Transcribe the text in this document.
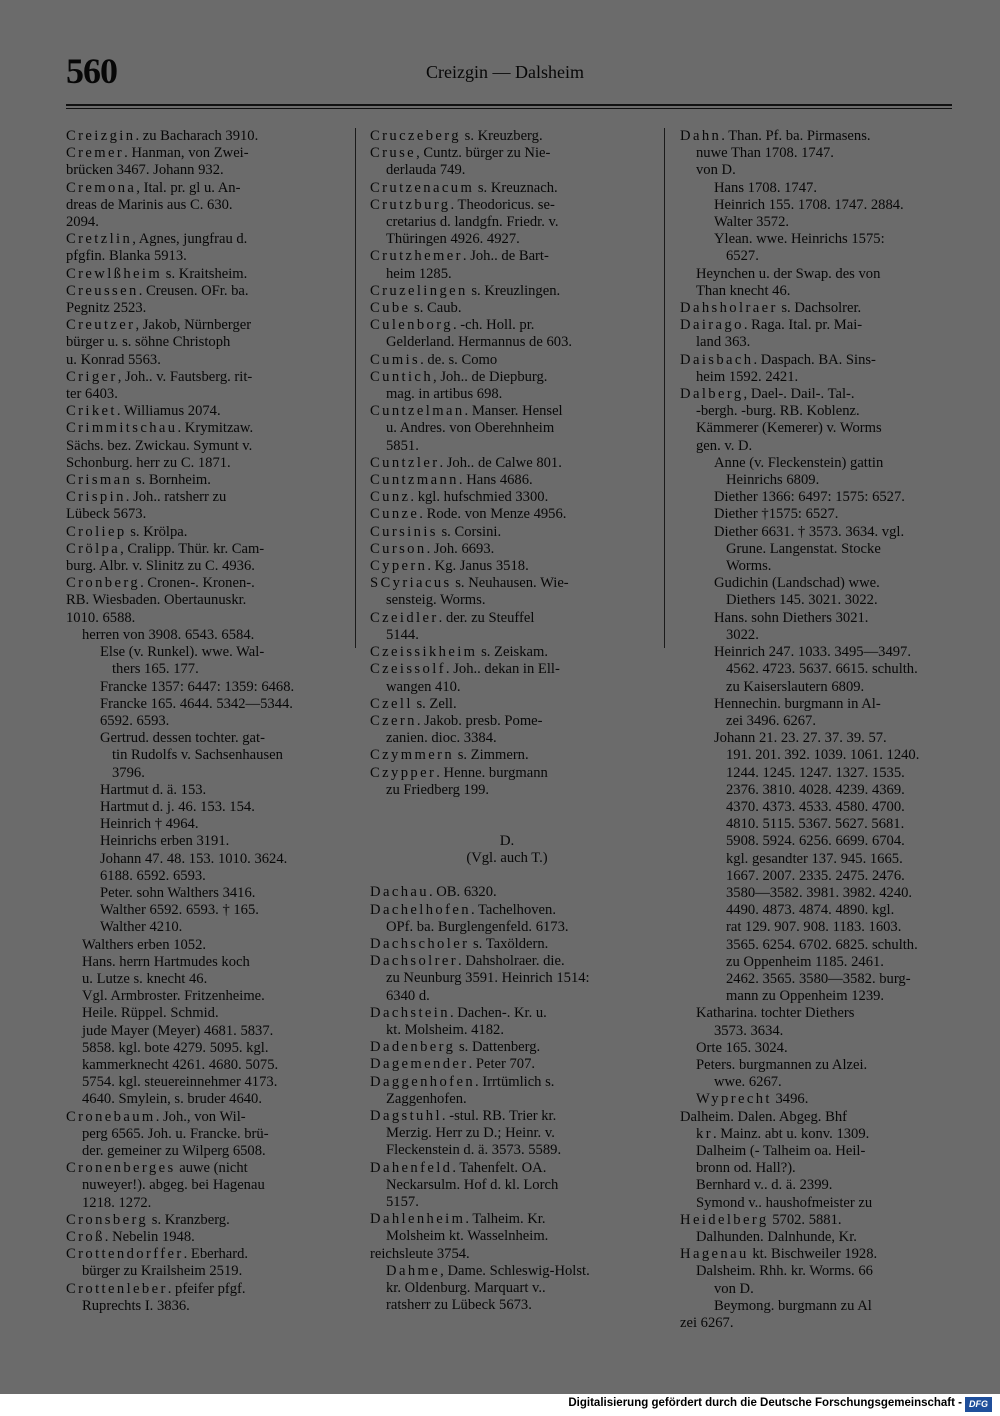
560	Creizgin — Dalsheim
Creizgin. zu Bacharach 3910.
Cremer. Hanman, von Zwei-
brücken 3467. Johann 932.
Cremona, Ital. pr. gl u. An-
dreas de Marinis aus C. 630.
2094.
Cretzlin, Agnes, jungfrau d.
pfgfin. Blanka 5913.
Crewlßheim s. Kraitsheim.
Creussen. Creusen. OFr. ba.
Pegnitz 2523.
Creutzer, Jakob, Nürnberger
bürger u. s. söhne Christoph
u. Konrad 5563.
Criger, Joh.. v. Fautsberg. rit-
ter 6403.
Criket. Williamus 2074.
Crimmitschau. Krymitzaw.
Sächs. bez. Zwickau. Symunt v.
Schonburg. herr zu C. 1871.
Crisman s. Bornheim.
Crispin. Joh.. ratsherr zu
Lübeck 5673.
Croliep s. Krölpa.
Crölpa, Cralipp. Thür. kr. Cam-
burg. Albr. v. Slinitz zu C. 4936.
Cronberg. Cronen-. Kronen-.
RB. Wiesbaden. Obertaunuskr.
1010. 6588.
herren von 3908. 6543. 6584.
Else (v. Runkel). wwe. Wal-
thers 165. 177.
Francke 1357: 6447: 1359: 6468.
Francke 165. 4644. 5342—5344.
6592. 6593.
Gertrud. dessen tochter. gat-
tin Rudolfs v. Sachsenhausen
3796.
Hartmut d. ä. 153.
Hartmut d. j. 46. 153. 154.
Heinrich † 4964.
Heinrichs erben 3191.
Johann 47. 48. 153. 1010. 3624.
6188. 6592. 6593.
Peter. sohn Walthers 3416.
Walther 6592. 6593. † 165.
Walther 4210.
Walthers erben 1052.
Hans. herrn Hartmudes koch
u. Lutze s. knecht 46.
Vgl. Armbroster. Fritzenheime.
Heile. Rüppel. Schmid.
jude Mayer (Meyer) 4681. 5837.
5858. kgl. bote 4279. 5095. kgl.
kammerknecht 4261. 4680. 5075.
5754. kgl. steuereinnehmer 4173.
4640. Smylein, s. bruder 4640.
Cronebaum. Joh., von Wil-
perg 6565. Joh. u. Francke. brü-
der. gemeiner zu Wilperg 6508.
Cronenberges auwe (nicht
nuweyer!). abgeg. bei Hagenau
1218. 1272.
Cronsberg s. Kranzberg.
Croß. Nebelin 1948.
Crottendorffer. Eberhard.
bürger zu Krailsheim 2519.
Crottenleber. pfeifer pfgf.
Ruprechts I. 3836.
Cruczeberg s. Kreuzberg.
Cruse, Cuntz. bürger zu Nie-
derlauda 749.
Crutzenacum s. Kreuznach.
Crutzburg. Theodoricus. se-
cretarius d. landgfn. Friedr. v.
Thüringen 4926. 4927.
Crutzhemer. Joh.. de Bart-
heim 1285.
Cruzelingen s. Kreuzlingen.
Cube s. Caub.
Culenborg. -ch. Holl. pr.
Gelderland. Hermannus de 603.
Cumis. de. s. Como
Cuntich, Joh.. de Diepburg.
mag. in artibus 698.
Cuntzelman. Manser. Hensel
u. Andres. von Oberehnheim
5851.
Cuntzler. Joh.. de Calwe 801.
Cuntzmann. Hans 4686.
Cunz. kgl. hufschmied 3300.
Cunze. Rode. von Menze 4956.
Cursinis s. Corsini.
Curson. Joh. 6693.
Cypern. Kg. Janus 3518.
SCyriacus s. Neuhausen. Wie-
sensteig. Worms.
Czeidler. der. zu Steuffel
5144.
Czeissikheim s. Zeiskam.
Czeissolf. Joh.. dekan in Ell-
wangen 410.
Czell s. Zell.
Czern. Jakob. presb. Pome-
zanien. dioc. 3384.
Czymmern s. Zimmern.
Czypper. Henne. burgmann
zu Friedberg 199.
D.
(Vgl. auch T.)
Dachau. OB. 6320.
Dachelhofen. Tachelhoven.
OPf. ba. Burglengenfeld. 6173.
Dachscholer s. Taxöldern.
Dachsolrer. Dahsholraer. die.
zu Neunburg 3591. Heinrich 1514:
6340 d.
Dachstein. Dachen-. Kr. u.
kt. Molsheim. 4182.
Dadenberg s. Dattenberg.
Dagemender. Peter 707.
Daggenhofen. Irrtümlich s.
Zaggenhofen.
Dagstuhl. -stul. RB. Trier kr.
Merzig. Herr zu D.; Heinr. v.
Fleckenstein d. ä. 3573. 5589.
Dahenfeld. Tahenfelt. OA.
Neckarsulm. Hof d. kl. Lorch
5157.
Dahlenheim. Talheim. Kr.
Molsheim kt. Wasselnheim.
reichsleute 3754.
Dahme, Dame. Schleswig-Holst.
kr. Oldenburg. Marquart v..
ratsherr zu Lübeck 5673.
Dahn. Than. Pf. ba. Pirmasens.
nuwe Than 1708. 1747.
von D.
Hans 1708. 1747.
Heinrich 155. 1708. 1747. 2884.
Walter 3572.
Ylean. wwe. Heinrichs 1575:
6527.
Heynchen u. der Swap. des von
Than knecht 46.
Dahsholraer s. Dachsolrer.
Dairago. Raga. Ital. pr. Mai-
land 363.
Daisbach. Daspach. BA. Sins-
heim 1592. 2421.
Dalberg, Dael-. Dail-. Tal-.
-bergh. -burg. RB. Koblenz.
Kämmerer (Kemerer) v. Worms
gen. v. D.
Anne (v. Fleckenstein) gattin
Heinrichs 6809.
Diether 1366: 6497: 1575: 6527.
Diether †1575: 6527.
Diether 6631. † 3573. 3634. vgl.
Grune. Langenstat. Stocke
Worms.
Gudichin (Landschad) wwe.
Diethers 145. 3021. 3022.
Hans. sohn Diethers 3021.
3022.
Heinrich 247. 1033. 3495—3497.
4562. 4723. 5637. 6615. schulth.
zu Kaiserslautern 6809.
Hennechin. burgmann in Al-
zei 3496. 6267.
Johann 21. 23. 27. 37. 39. 57.
191. 201. 392. 1039. 1061. 1240.
1244. 1245. 1247. 1327. 1535.
2376. 3810. 4028. 4239. 4369.
4370. 4373. 4533. 4580. 4700.
4810. 5115. 5367. 5627. 5681.
5908. 5924. 6256. 6699. 6704.
kgl. gesandter 137. 945. 1665.
1667. 2007. 2335. 2475. 2476.
3580—3582. 3981. 3982. 4240.
4490. 4873. 4874. 4890. kgl.
rat 129. 907. 908. 1183. 1603.
3565. 6254. 6702. 6825. schulth.
zu Oppenheim 1185. 2461.
2462. 3565. 3580—3582. burg-
mann zu Oppenheim 1239.
Katharina. tochter Diethers
3573. 3634.
Orte 165. 3024.
Peters. burgmannen zu Alzei.
wwe. 6267.
Wyprecht 3496.
Dalheim. Dalen. Abgeg. Bhf
kr. Mainz. abt u. konv. 1309.
Dalheim (- Talheim oa. Heil-
bronn od. Hall?).
Bernhard v.. d. ä. 2399.
Symond v.. haushofmeister zu
Heidelberg 5702. 5881.
Dalhunden. Dalnhunde, Kr.
Hagenau kt. Bischweiler 1928.
Dalsheim. Rhh. kr. Worms. 66
von D.
Beymong. burgmann zu Al
zei 6267.
Digitalisierung gefördert durch die Deutsche Forschungsgemeinschaft - DFG
